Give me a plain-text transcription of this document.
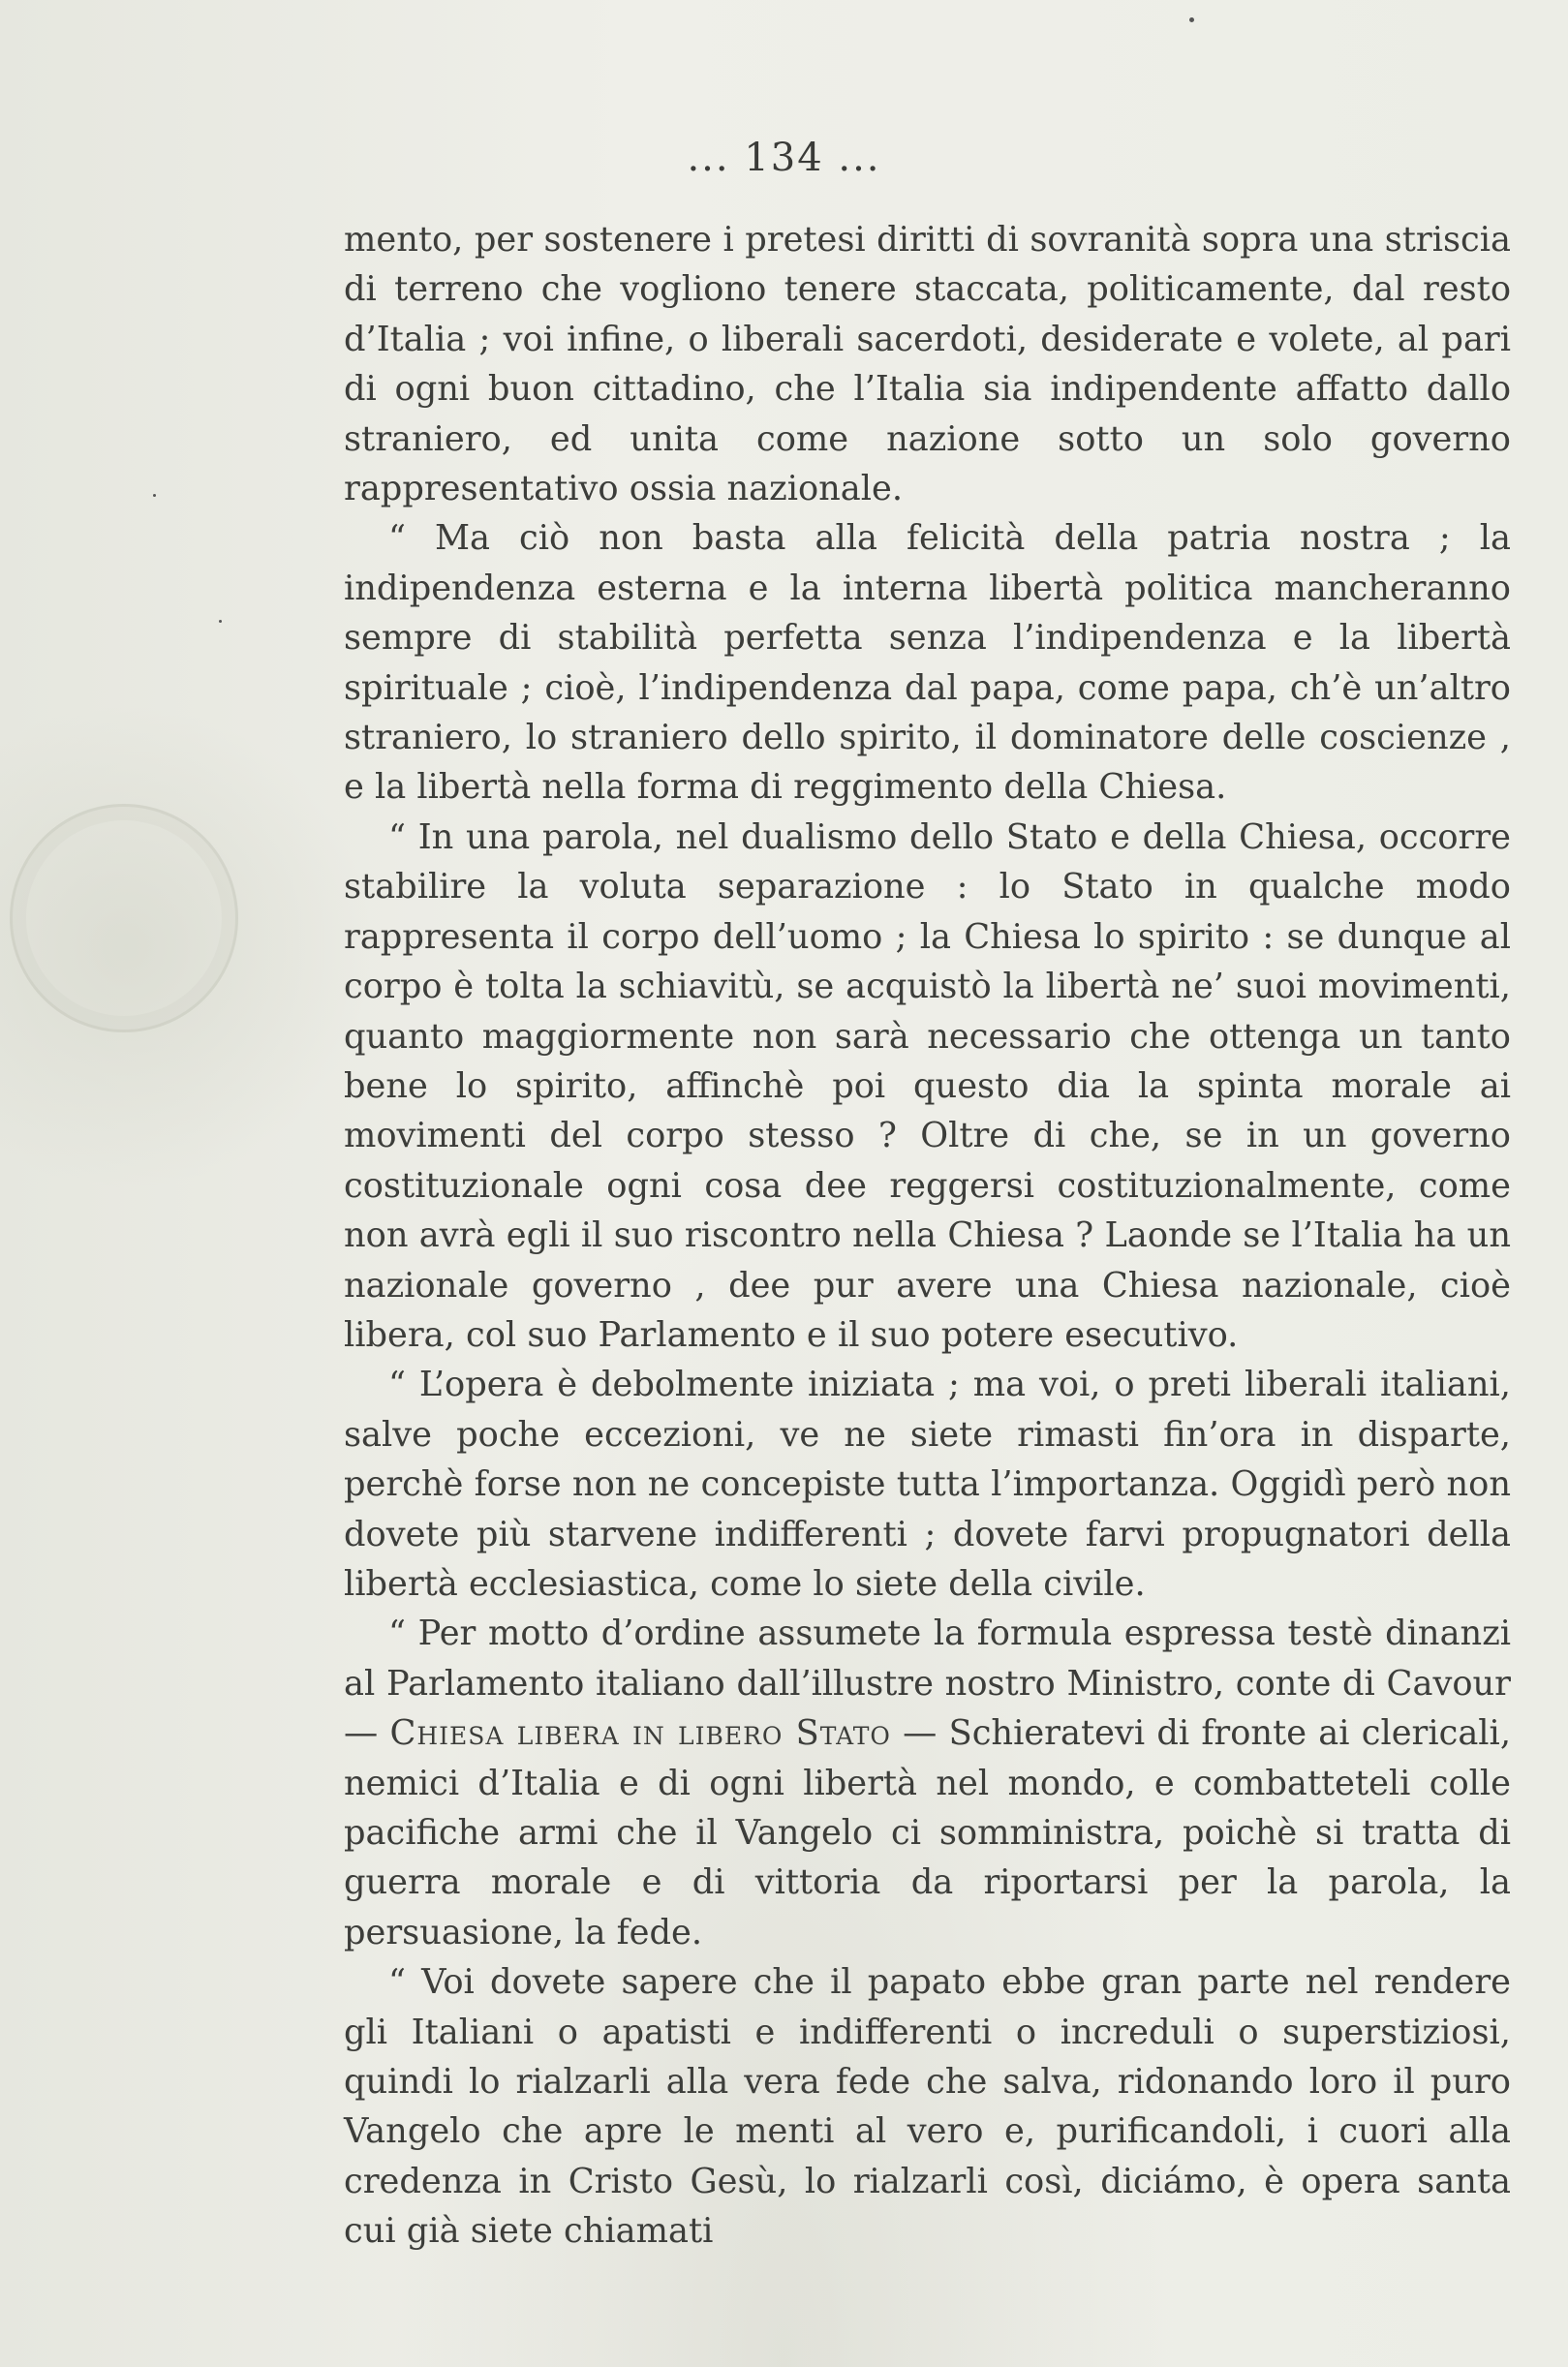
... 134 ...

mento, per sostenere i pretesi diritti di sovranità sopra una striscia di terreno che vogliono tenere staccata, politicamente, dal resto d’Italia ; voi infine, o liberali sacerdoti, desiderate e volete, al pari di ogni buon cittadino, che l’Italia sia indipendente affatto dallo straniero, ed unita come nazione sotto un solo governo rappresentativo ossia nazionale.

“ Ma ciò non basta alla felicità della patria nostra ; la indipendenza esterna e la interna libertà politica mancheranno sempre di stabilità perfetta senza l’indipendenza e la libertà spirituale ; cioè, l’indipendenza dal papa, come papa, ch’è un’altro straniero, lo straniero dello spirito, il dominatore delle coscienze , e la libertà nella forma di reggimento della Chiesa.

“ In una parola, nel dualismo dello Stato e della Chiesa, occorre stabilire la voluta separazione : lo Stato in qualche modo rappresenta il corpo dell’uomo ; la Chiesa lo spirito : se dunque al corpo è tolta la schiavitù, se acquistò la libertà ne’ suoi movimenti, quanto maggiormente non sarà necessario che ottenga un tanto bene lo spirito, affinchè poi questo dia la spinta morale ai movimenti del corpo stesso ? Oltre di che, se in un governo costituzionale ogni cosa dee reggersi costituzionalmente, come non avrà egli il suo riscontro nella Chiesa ? Laonde se l’Italia ha un nazionale governo , dee pur avere una Chiesa nazionale, cioè libera, col suo Parlamento e il suo potere esecutivo.

“ L’opera è debolmente iniziata ; ma voi, o preti liberali italiani, salve poche eccezioni, ve ne siete rimasti fin’ora in disparte, perchè forse non ne concepiste tutta l’importanza. Oggidì però non dovete più starvene indifferenti ; dovete farvi propugnatori della libertà ecclesiastica, come lo siete della civile.

“ Per motto d’ordine assumete la formula espressa testè dinanzi al Parlamento italiano dall’illustre nostro Ministro, conte di Cavour — Chiesa libera in libero Stato — Schieratevi di fronte ai clericali, nemici d’Italia e di ogni libertà nel mondo, e combatteteli colle pacifiche armi che il Vangelo ci somministra, poichè si tratta di guerra morale e di vittoria da riportarsi per la parola, la persuasione, la fede.

“ Voi dovete sapere che il papato ebbe gran parte nel rendere gli Italiani o apatisti e indifferenti o increduli o superstiziosi, quindi lo rialzarli alla vera fede che salva, ridonando loro il puro Vangelo che apre le menti al vero e, purificandoli, i cuori alla credenza in Cristo Gesù, lo rialzarli così, diciámo, è opera santa cui già siete chiamati
